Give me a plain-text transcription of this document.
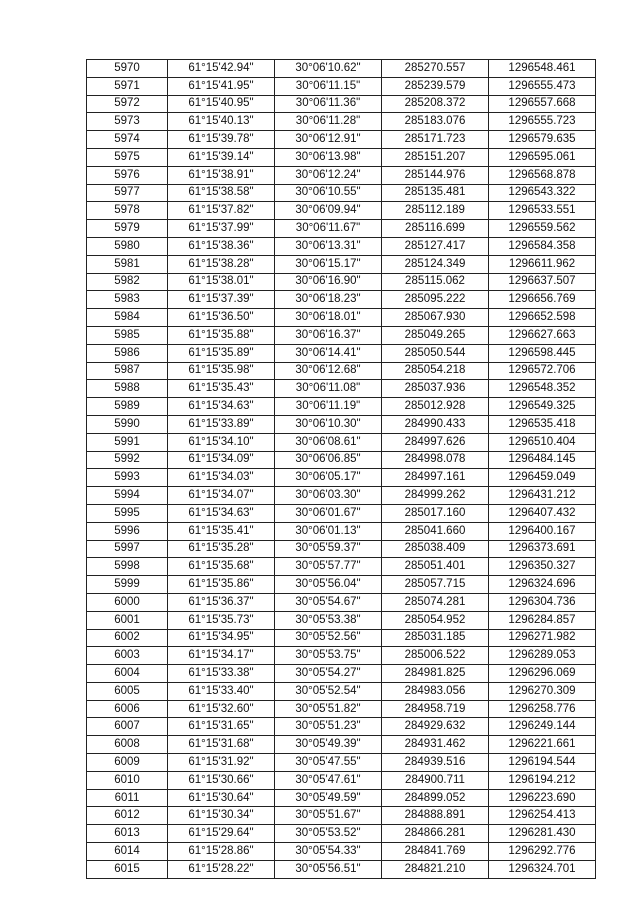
5970	61°15'42.94"	30°06'10.62"	285270.557	1296548.461
5971	61°15'41.95"	30°06'11.15"	285239.579	1296555.473
5972	61°15'40.95"	30°06'11.36"	285208.372	1296557.668
5973	61°15'40.13"	30°06'11.28"	285183.076	1296555.723
5974	61°15'39.78"	30°06'12.91"	285171.723	1296579.635
5975	61°15'39.14"	30°06'13.98"	285151.207	1296595.061
5976	61°15'38.91"	30°06'12.24"	285144.976	1296568.878
5977	61°15'38.58"	30°06'10.55"	285135.481	1296543.322
5978	61°15'37.82"	30°06'09.94"	285112.189	1296533.551
5979	61°15'37.99"	30°06'11.67"	285116.699	1296559.562
5980	61°15'38.36"	30°06'13.31"	285127.417	1296584.358
5981	61°15'38.28"	30°06'15.17"	285124.349	1296611.962
5982	61°15'38.01"	30°06'16.90"	285115.062	1296637.507
5983	61°15'37.39"	30°06'18.23"	285095.222	1296656.769
5984	61°15'36.50"	30°06'18.01"	285067.930	1296652.598
5985	61°15'35.88"	30°06'16.37"	285049.265	1296627.663
5986	61°15'35.89"	30°06'14.41"	285050.544	1296598.445
5987	61°15'35.98"	30°06'12.68"	285054.218	1296572.706
5988	61°15'35.43"	30°06'11.08"	285037.936	1296548.352
5989	61°15'34.63"	30°06'11.19"	285012.928	1296549.325
5990	61°15'33.89"	30°06'10.30"	284990.433	1296535.418
5991	61°15'34.10"	30°06'08.61"	284997.626	1296510.404
5992	61°15'34.09"	30°06'06.85"	284998.078	1296484.145
5993	61°15'34.03"	30°06'05.17"	284997.161	1296459.049
5994	61°15'34.07"	30°06'03.30"	284999.262	1296431.212
5995	61°15'34.63"	30°06'01.67"	285017.160	1296407.432
5996	61°15'35.41"	30°06'01.13"	285041.660	1296400.167
5997	61°15'35.28"	30°05'59.37"	285038.409	1296373.691
5998	61°15'35.68"	30°05'57.77"	285051.401	1296350.327
5999	61°15'35.86"	30°05'56.04"	285057.715	1296324.696
6000	61°15'36.37"	30°05'54.67"	285074.281	1296304.736
6001	61°15'35.73"	30°05'53.38"	285054.952	1296284.857
6002	61°15'34.95"	30°05'52.56"	285031.185	1296271.982
6003	61°15'34.17"	30°05'53.75"	285006.522	1296289.053
6004	61°15'33.38"	30°05'54.27"	284981.825	1296296.069
6005	61°15'33.40"	30°05'52.54"	284983.056	1296270.309
6006	61°15'32.60"	30°05'51.82"	284958.719	1296258.776
6007	61°15'31.65"	30°05'51.23"	284929.632	1296249.144
6008	61°15'31.68"	30°05'49.39"	284931.462	1296221.661
6009	61°15'31.92"	30°05'47.55"	284939.516	1296194.544
6010	61°15'30.66"	30°05'47.61"	284900.711	1296194.212
6011	61°15'30.64"	30°05'49.59"	284899.052	1296223.690
6012	61°15'30.34"	30°05'51.67"	284888.891	1296254.413
6013	61°15'29.64"	30°05'53.52"	284866.281	1296281.430
6014	61°15'28.86"	30°05'54.33"	284841.769	1296292.776
6015	61°15'28.22"	30°05'56.51"	284821.210	1296324.701
